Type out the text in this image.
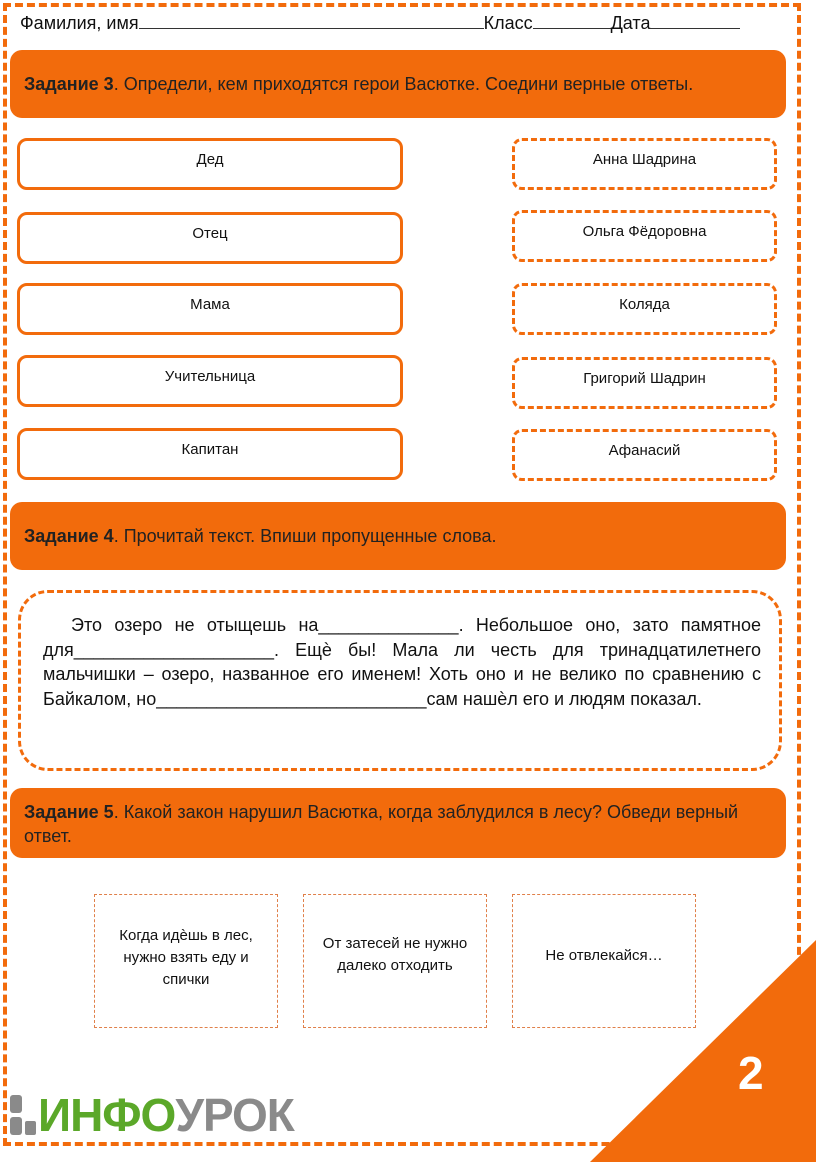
Фамилия, имя	Класс	Дата
Задание 3. Определи, кем приходятся герои Васютке. Соедини верные ответы.
Дед
Отец
Мама
Учительница
Капитан
Анна Шадрина
Ольга Фёдоровна
Коляда
Григорий Шадрин
Афанасий
Задание 4. Прочитай текст. Впиши пропущенные слова.
Это озеро не отыщешь на______________. Небольшое оно, зато памятное для____________________. Ещѐ бы! Мала ли честь для тринадцатилетнего мальчишки – озеро, названное его именем! Хоть оно и не велико по сравнению с Байкалом, но___________________________сам нашѐл его и людям показал.
Задание 5. Какой закон нарушил Васютка, когда заблудился в лесу? Обведи верный ответ.
Когда идѐшь в лес, нужно взять еду и спички
От затесей не нужно далеко отходить
Не отвлекайся…
2
ИНФО УРОК
